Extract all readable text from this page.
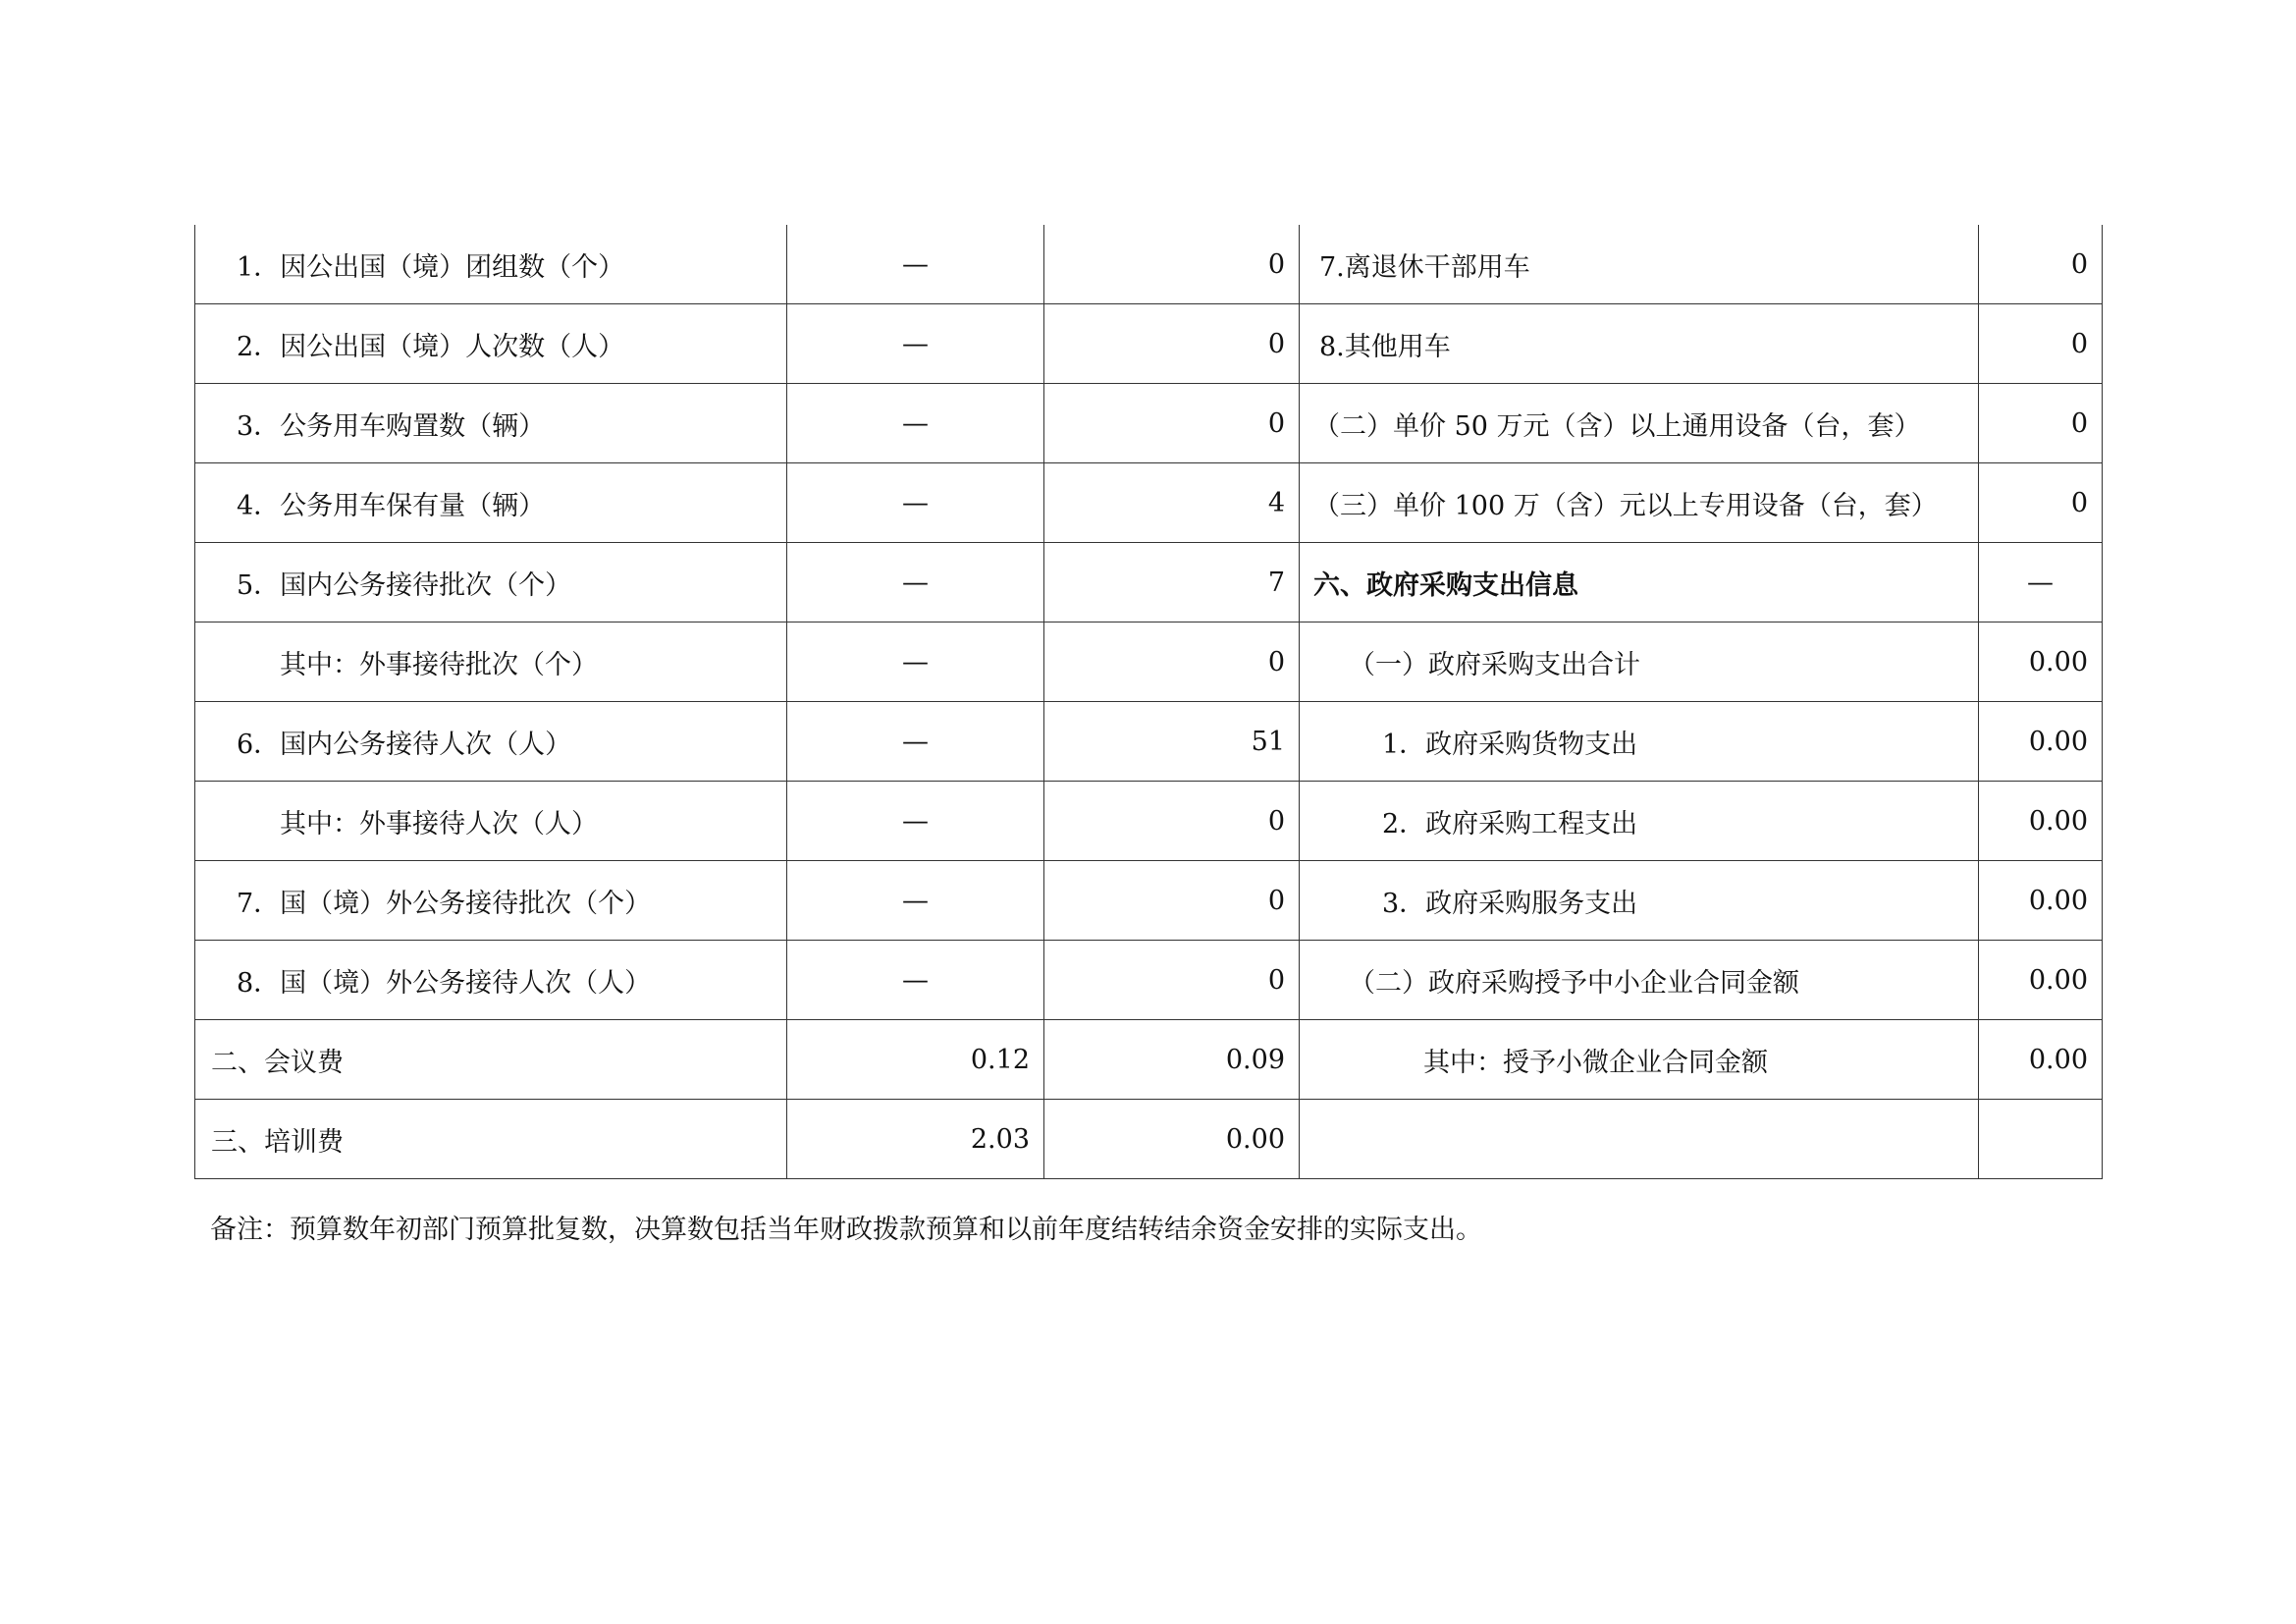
1．因公出国（境）团组数（个）	—	0	7.离退休干部用车	0
2．因公出国（境）人次数（人）	—	0	8.其他用车	0
3．公务用车购置数（辆）	—	0	（二）单价 50 万元（含）以上通用设备（台，套）	0
4．公务用车保有量（辆）	—	4	（三）单价 100 万（含）元以上专用设备（台，套）	0
5．国内公务接待批次（个）	—	7	六、政府采购支出信息	—
其中：外事接待批次（个）	—	0	（一）政府采购支出合计	0.00
6．国内公务接待人次（人）	—	51	1．政府采购货物支出	0.00
其中：外事接待人次（人）	—	0	2．政府采购工程支出	0.00
7．国（境）外公务接待批次（个）	—	0	3．政府采购服务支出	0.00
8．国（境）外公务接待人次（人）	—	0	（二）政府采购授予中小企业合同金额	0.00
二、会议费	0.12	0.09	其中：授予小微企业合同金额	0.00
三、培训费	2.03	0.00		
备注：预算数年初部门预算批复数，决算数包括当年财政拨款预算和以前年度结转结余资金安排的实际支出。
